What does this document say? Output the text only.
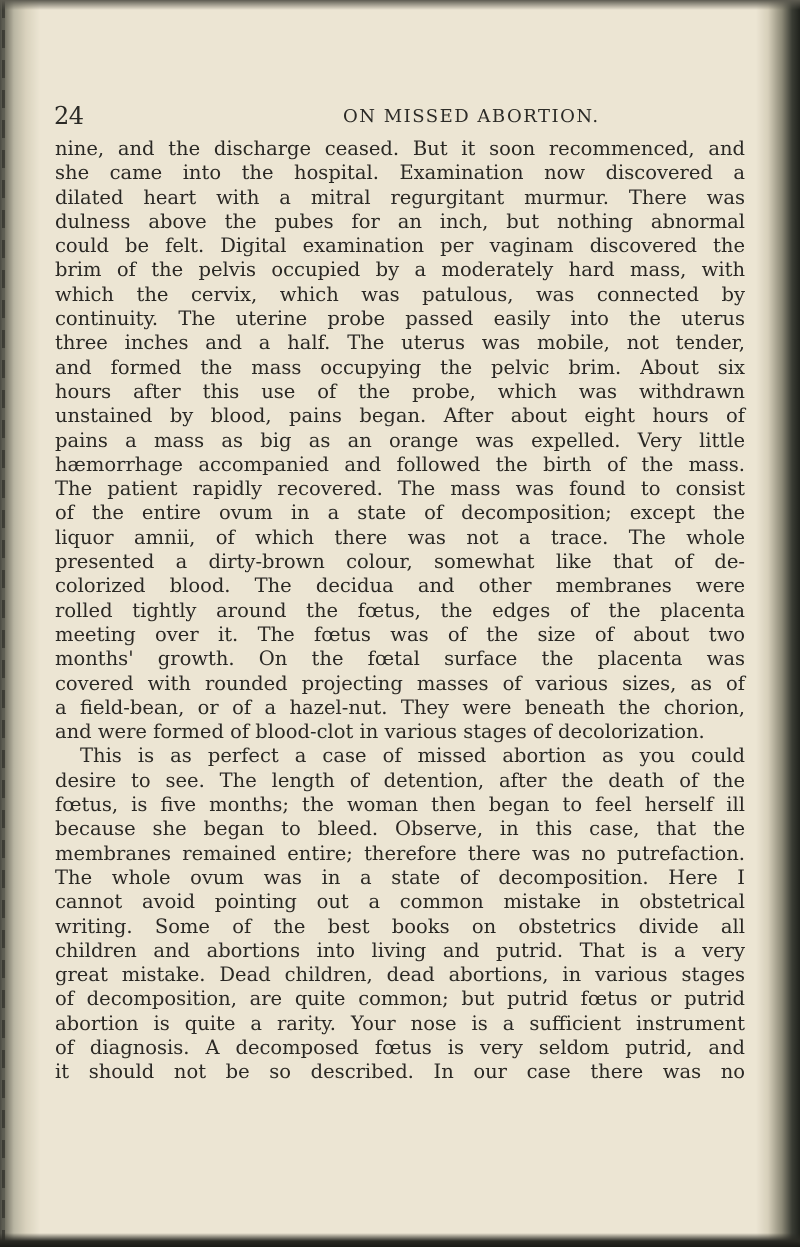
24	ON MISSED ABORTION.
nine, and the discharge ceased. But it soon recommenced, and
she came into the hospital. Examination now discovered a
dilated heart with a mitral regurgitant murmur. There was
dulness above the pubes for an inch, but nothing abnormal
could be felt. Digital examination per vaginam discovered the
brim of the pelvis occupied by a moderately hard mass, with
which the cervix, which was patulous, was connected by
continuity. The uterine probe passed easily into the uterus
three inches and a half. The uterus was mobile, not tender,
and formed the mass occupying the pelvic brim. About six
hours after this use of the probe, which was withdrawn
unstained by blood, pains began. After about eight hours of
pains a mass as big as an orange was expelled. Very little
hæmorrhage accompanied and followed the birth of the mass.
The patient rapidly recovered. The mass was found to consist
of the entire ovum in a state of decomposition; except the
liquor amnii, of which there was not a trace. The whole
presented a dirty-brown colour, somewhat like that of de-
colorized blood. The decidua and other membranes were
rolled tightly around the fœtus, the edges of the placenta
meeting over it. The fœtus was of the size of about two
months' growth. On the fœtal surface the placenta was
covered with rounded projecting masses of various sizes, as of
a field-bean, or of a hazel-nut. They were beneath the chorion,
and were formed of blood-clot in various stages of decolorization.
This is as perfect a case of missed abortion as you could
desire to see. The length of detention, after the death of the
fœtus, is five months; the woman then began to feel herself ill
because she began to bleed. Observe, in this case, that the
membranes remained entire; therefore there was no putrefaction.
The whole ovum was in a state of decomposition. Here I
cannot avoid pointing out a common mistake in obstetrical
writing. Some of the best books on obstetrics divide all
children and abortions into living and putrid. That is a very
great mistake. Dead children, dead abortions, in various stages
of decomposition, are quite common; but putrid fœtus or putrid
abortion is quite a rarity. Your nose is a sufficient instrument
of diagnosis. A decomposed fœtus is very seldom putrid, and
it should not be so described. In our case there was no
